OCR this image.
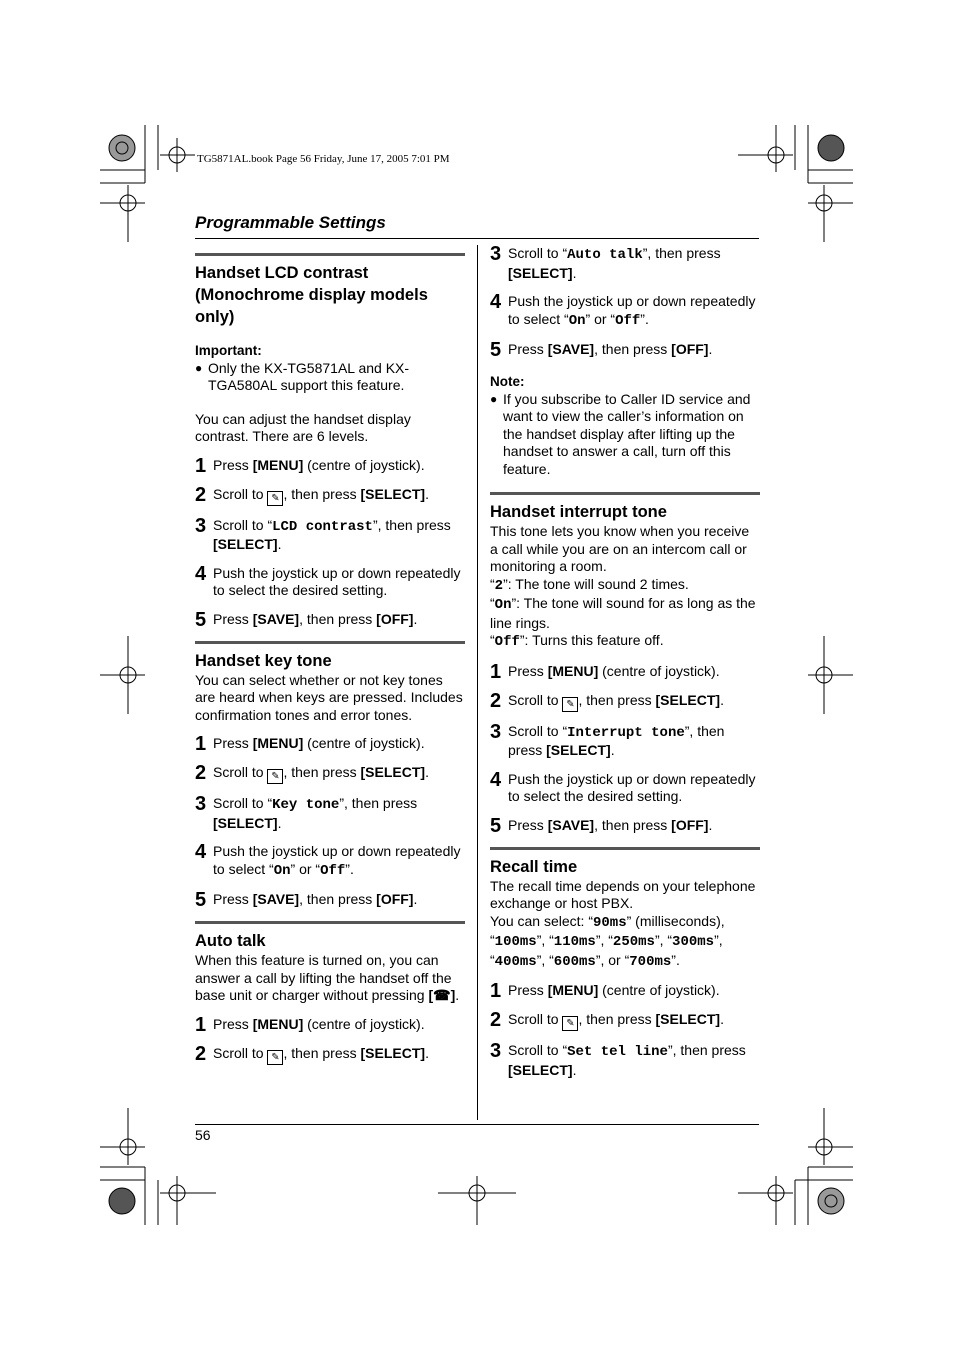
TG5871AL.book Page 56 Friday, June 17, 2005 7:01 PM
Programmable Settings
Handset LCD contrast (Monochrome display models only)
Important:
● Only the KX-TG5871AL and KX-TGA580AL support this feature.
You can adjust the handset display contrast. There are 6 levels.
1 Press [MENU] (centre of joystick).
2 Scroll to ✎ , then press [SELECT].
3 Scroll to “LCD contrast”, then press [SELECT].
4 Push the joystick up or down repeatedly to select the desired setting.
5 Press [SAVE], then press [OFF].
Handset key tone
You can select whether or not key tones are heard when keys are pressed. Includes confirmation tones and error tones.
1 Press [MENU] (centre of joystick).
2 Scroll to ✎ , then press [SELECT].
3 Scroll to “Key tone”, then press [SELECT].
4 Push the joystick up or down repeatedly to select “On” or “Off”.
5 Press [SAVE], then press [OFF].
Auto talk
When this feature is turned on, you can answer a call by lifting the handset off the base unit or charger without pressing [☎].
1 Press [MENU] (centre of joystick).
2 Scroll to ✎ , then press [SELECT].
3 Scroll to “Auto talk”, then press [SELECT].
4 Push the joystick up or down repeatedly to select “On” or “Off”.
5 Press [SAVE], then press [OFF].
Note:
● If you subscribe to Caller ID service and want to view the caller’s information on the handset display after lifting up the handset to answer a call, turn off this feature.
Handset interrupt tone
This tone lets you know when you receive a call while you are on an intercom call or monitoring a room.
“2”: The tone will sound 2 times.
“On”: The tone will sound for as long as the line rings.
“Off”: Turns this feature off.
1 Press [MENU] (centre of joystick).
2 Scroll to ✎ , then press [SELECT].
3 Scroll to “Interrupt tone”, then press [SELECT].
4 Push the joystick up or down repeatedly to select the desired setting.
5 Press [SAVE], then press [OFF].
Recall time
The recall time depends on your telephone exchange or host PBX.
You can select: “90ms” (milliseconds), “100ms”, “110ms”, “250ms”, “300ms”, “400ms”, “600ms”, or “700ms”.
1 Press [MENU] (centre of joystick).
2 Scroll to ✎ , then press [SELECT].
3 Scroll to “Set tel line”, then press [SELECT].
56
